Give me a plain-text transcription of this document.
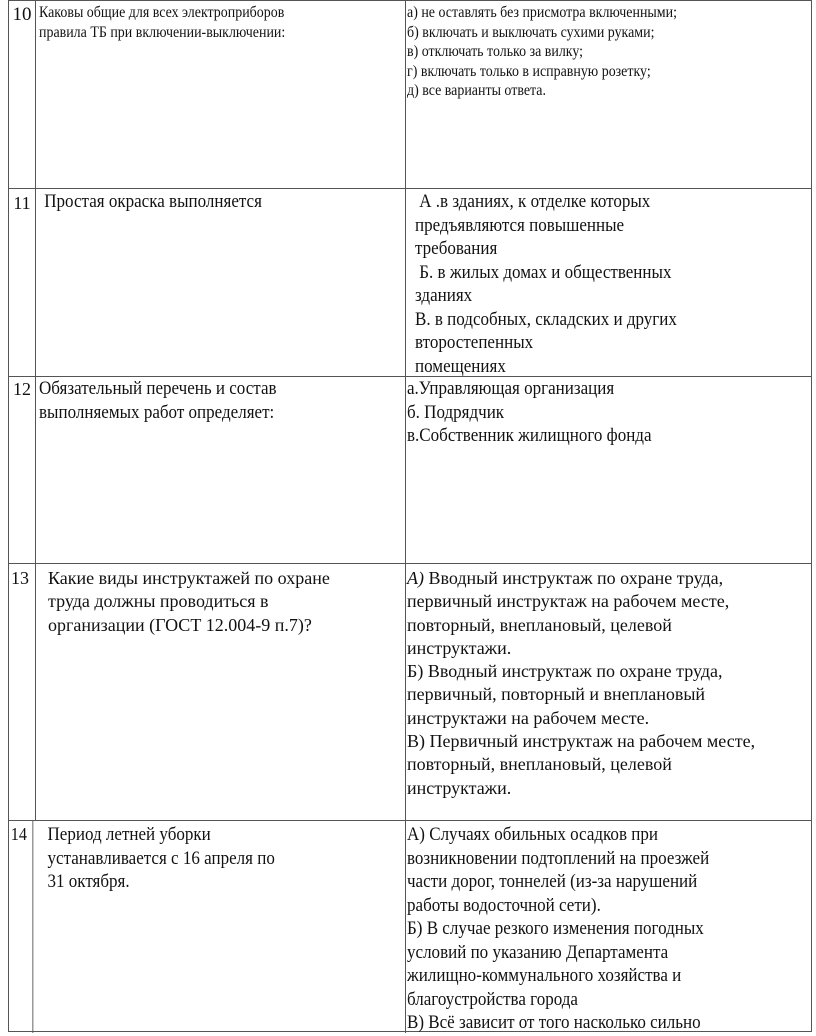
10 Каковы общие для всех электроприборов
правила ТБ при включении-выключении:
а) не оставлять без присмотра включенными;
б) включать и выключать сухими руками;
в) отключать только за вилку;
г) включать только в исправную розетку;
д) все варианты ответа.
11 Простая окраска выполняется	А .в зданиях, к отделке которых
предъявляются повышенные
требования
Б. в жилых домах и общественных
зданиях
В. в подсобных, складских и других
второстепенных
помещениях
12 Обязательный перечень и состав
выполняемых работ определяет:
а.Управляющая организация
б. Подрядчик
в.Собственник жилищного фонда
13 Какие виды инструктажей по охране
труда должны проводиться в
организации (ГОСТ 12.004-9 п.7)?
А) Вводный инструктаж по охране труда,
первичный инструктаж на рабочем месте,
повторный, внеплановый, целевой
инструктажи.
Б) Вводный инструктаж по охране труда,
первичный, повторный и внеплановый
инструктажи на рабочем месте.
В) Первичный инструктаж на рабочем месте,
повторный, внеплановый, целевой
инструктажи.
14 Период летней уборки
устанавливается с 16 апреля по
31 октября.
А) Случаях обильных осадков при
возникновении подтоплений на проезжей
части дорог, тоннелей (из-за нарушений
работы водосточной сети).
Б) В случае резкого изменения погодных
условий по указанию Департамента
жилищно-коммунального хозяйства и
благоустройства города
В) Всё зависит от того насколько сильно
